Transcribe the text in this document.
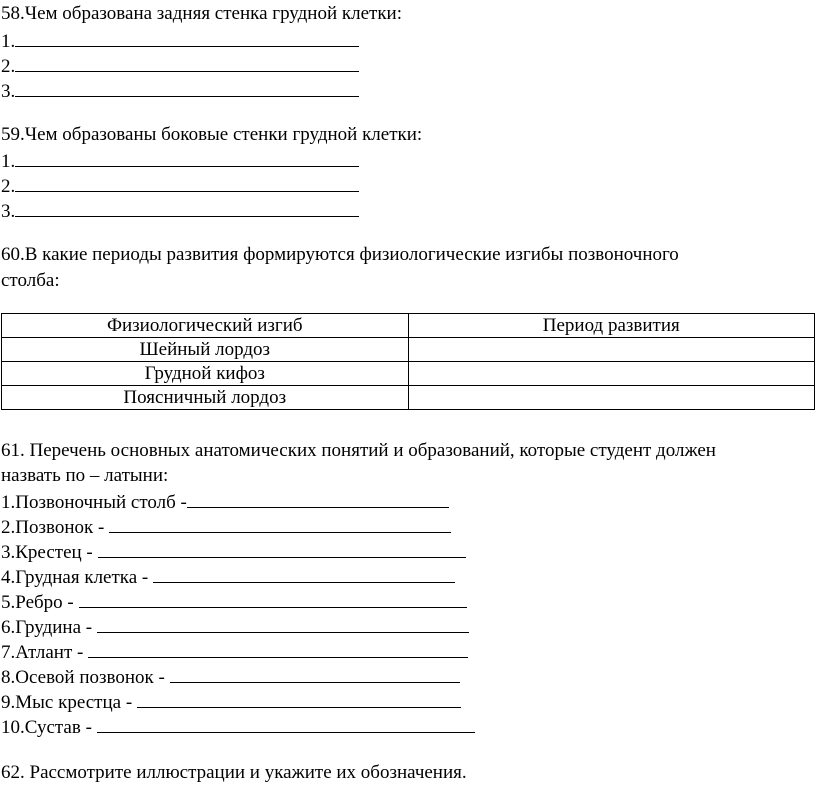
58.Чем образована задняя стенка грудной клетки:
1.
2.
3.
59.Чем образованы боковые стенки грудной клетки:
1.
2.
3.
60.В какие периоды развития формируются физиологические изгибы позвоночного
столба:
Физиологический изгиб	Период развития
Шейный лордоз	
Грудной кифоз	
Поясничный лордоз	
61. Перечень основных анатомических понятий и образований, которые студент должен
назвать по – латыни:
1.Позвоночный столб -
2.Позвонок -
3.Крестец -
4.Грудная клетка -
5.Ребро -
6.Грудина -
7.Атлант -
8.Осевой позвонок -
9.Мыс крестца -
10.Сустав -
62. Рассмотрите иллюстрации и укажите их обозначения.
